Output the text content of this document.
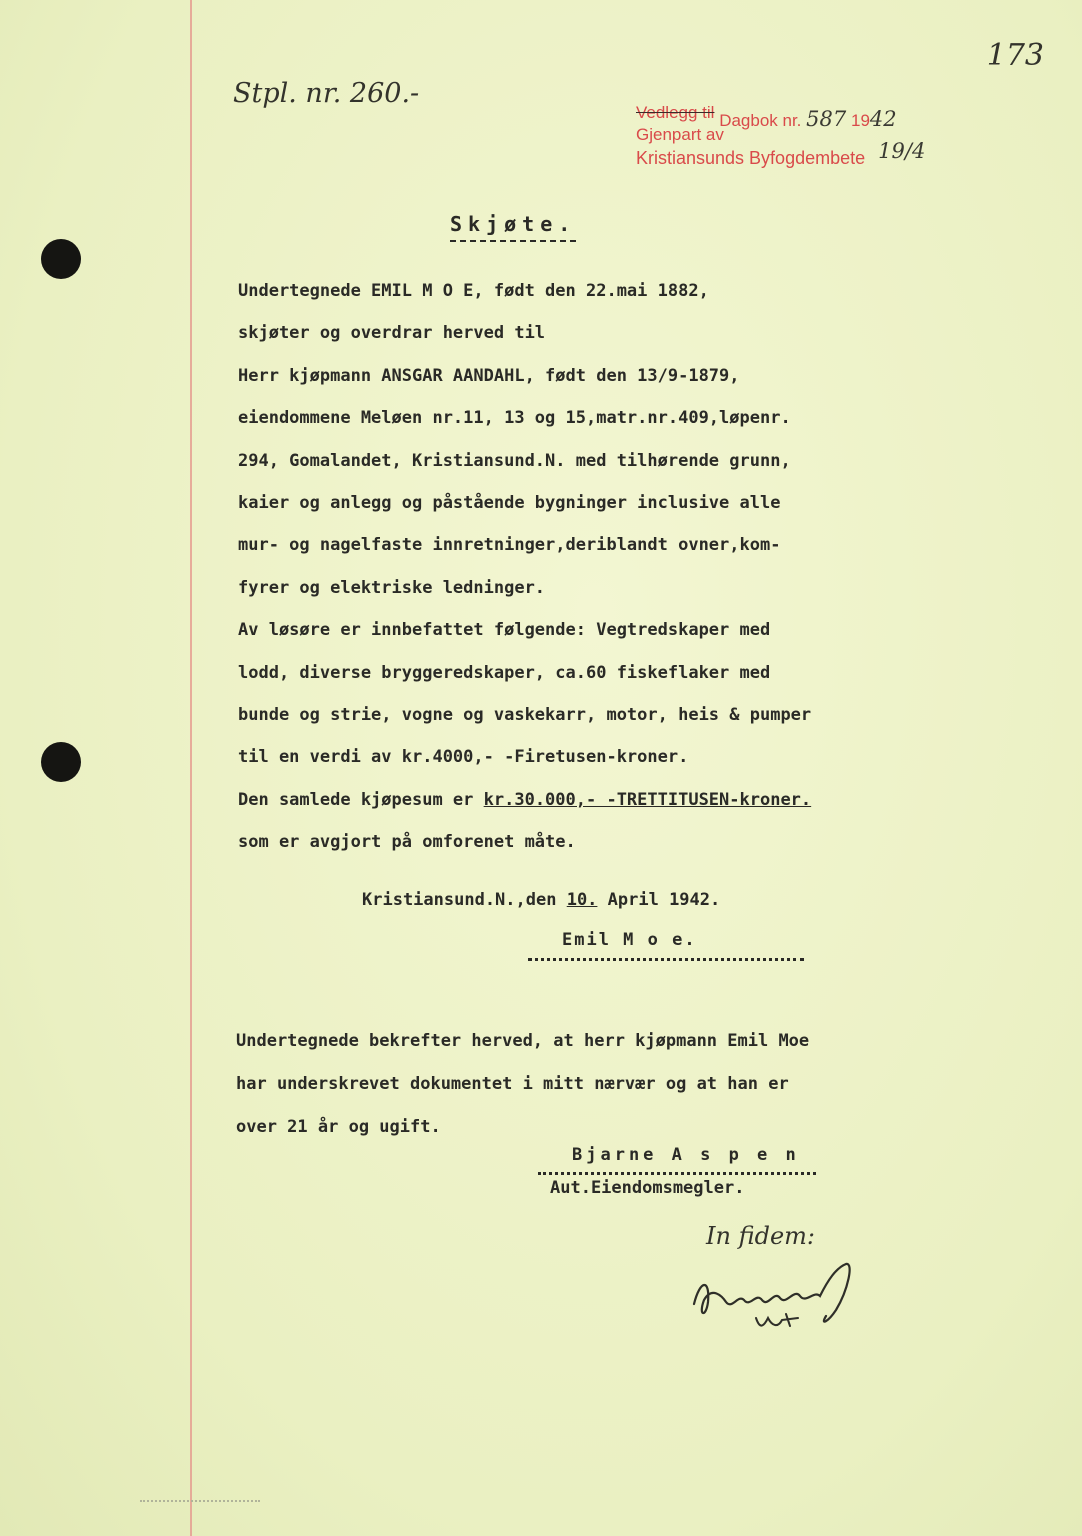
173
Stpl. nr. 260.-
Vedlegg til Dagbok nr. 587 1942
Gjenpart av
Kristiansunds Byfogdembete 19/4
Skjøte.
Undertegnede EMIL M O E, født den 22.mai 1882,
skjøter og overdrar herved til
Herr kjøpmann ANSGAR AANDAHL, født den 13/9-1879,
eiendommene Meløen nr.11, 13 og 15,matr.nr.409,løpenr.
294, Gomalandet, Kristiansund.N. med tilhørende grunn,
kaier og anlegg og påstående bygninger inclusive alle
mur- og nagelfaste innretninger,deriblandt ovner,kom-
fyrer og elektriske ledninger.
Av løsøre er innbefattet følgende: Vegtredskaper med
lodd, diverse bryggeredskaper, ca.60 fiskeflaker med
bunde og strie, vogne og vaskekarr, motor, heis & pumper
til en verdi av kr.4000,- -Firetusen-kroner.
Den samlede kjøpesum er kr.30.000,- -TRETTITUSEN-kroner.
som er avgjort på omforenet måte.
Kristiansund.N.,den 10. April 1942.
Emil M o e.
Undertegnede bekrefter herved, at herr kjøpmann Emil Moe
har underskrevet dokumentet i mitt nærvær og at han er
over 21 år og ugift.
Bjarne A s p e n
Aut.Eiendomsmegler.
In fidem:
